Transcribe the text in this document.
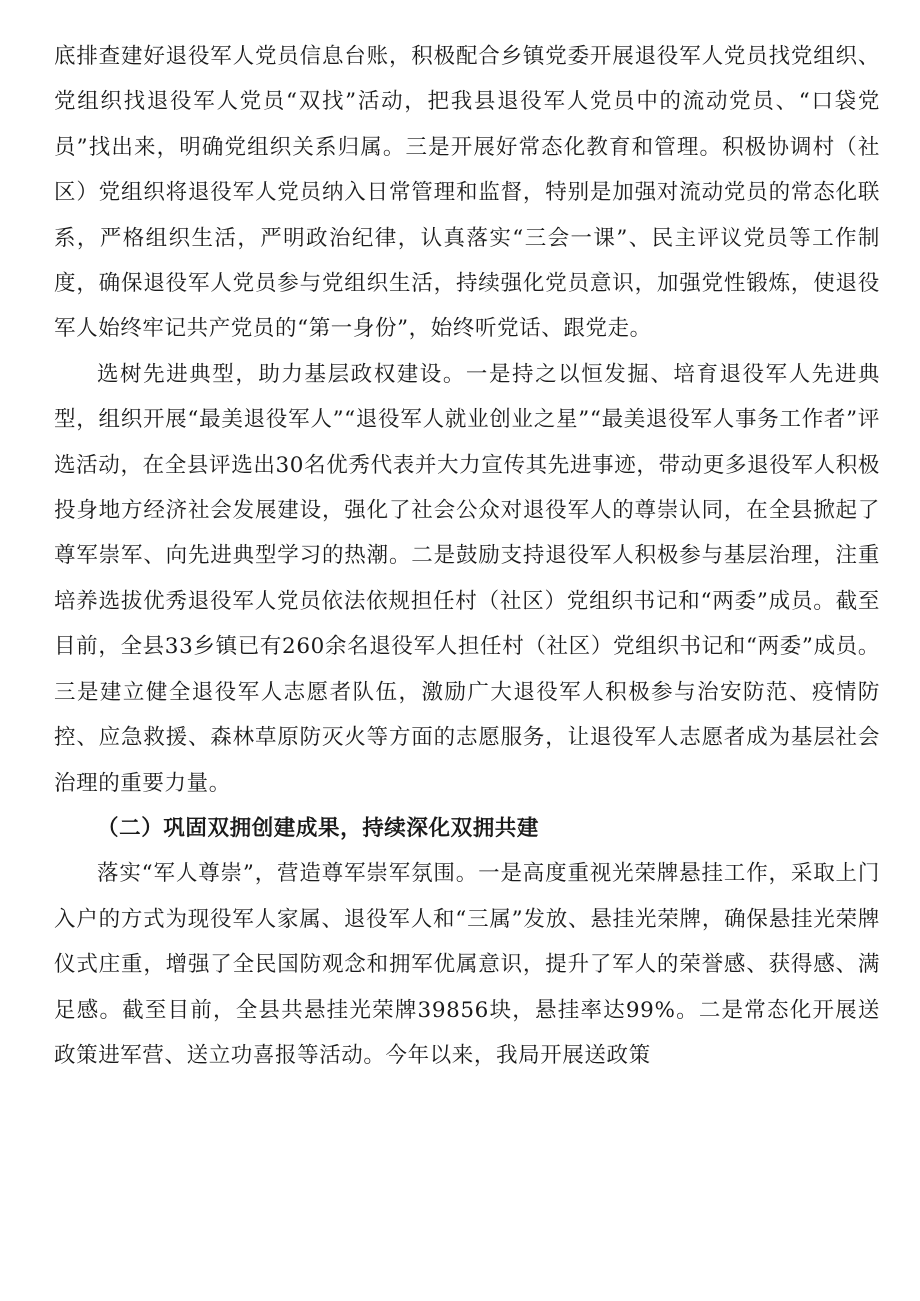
底排查建好退役军人党员信息台账，积极配合乡镇党委开展退役军人党员找党组织、党组织找退役军人党员“双找”活动，把我县退役军人党员中的流动党员、“口袋党员”找出来，明确党组织关系归属。三是开展好常态化教育和管理。积极协调村（社区）党组织将退役军人党员纳入日常管理和监督，特别是加强对流动党员的常态化联系，严格组织生活，严明政治纪律，认真落实“三会一课”、民主评议党员等工作制度，确保退役军人党员参与党组织生活，持续强化党员意识，加强党性锻炼，使退役军人始终牢记共产党员的“第一身份”，始终听党话、跟党走。

选树先进典型，助力基层政权建设。一是持之以恒发掘、培育退役军人先进典型，组织开展“最美退役军人”“退役军人就业创业之星”“最美退役军人事务工作者”评选活动，在全县评选出30名优秀代表并大力宣传其先进事迹，带动更多退役军人积极投身地方经济社会发展建设，强化了社会公众对退役军人的尊崇认同，在全县掀起了尊军崇军、向先进典型学习的热潮。二是鼓励支持退役军人积极参与基层治理，注重培养选拔优秀退役军人党员依法依规担任村（社区）党组织书记和“两委”成员。截至目前，全县33乡镇已有260余名退役军人担任村（社区）党组织书记和“两委”成员。三是建立健全退役军人志愿者队伍，激励广大退役军人积极参与治安防范、疫情防控、应急救援、森林草原防灭火等方面的志愿服务，让退役军人志愿者成为基层社会治理的重要力量。

（二）巩固双拥创建成果，持续深化双拥共建

落实“军人尊崇”，营造尊军崇军氛围。一是高度重视光荣牌悬挂工作，采取上门入户的方式为现役军人家属、退役军人和“三属”发放、悬挂光荣牌，确保悬挂光荣牌仪式庄重，增强了全民国防观念和拥军优属意识，提升了军人的荣誉感、获得感、满足感。截至目前，全县共悬挂光荣牌39856块，悬挂率达99%。二是常态化开展送政策进军营、送立功喜报等活动。今年以来，我局开展送政策
